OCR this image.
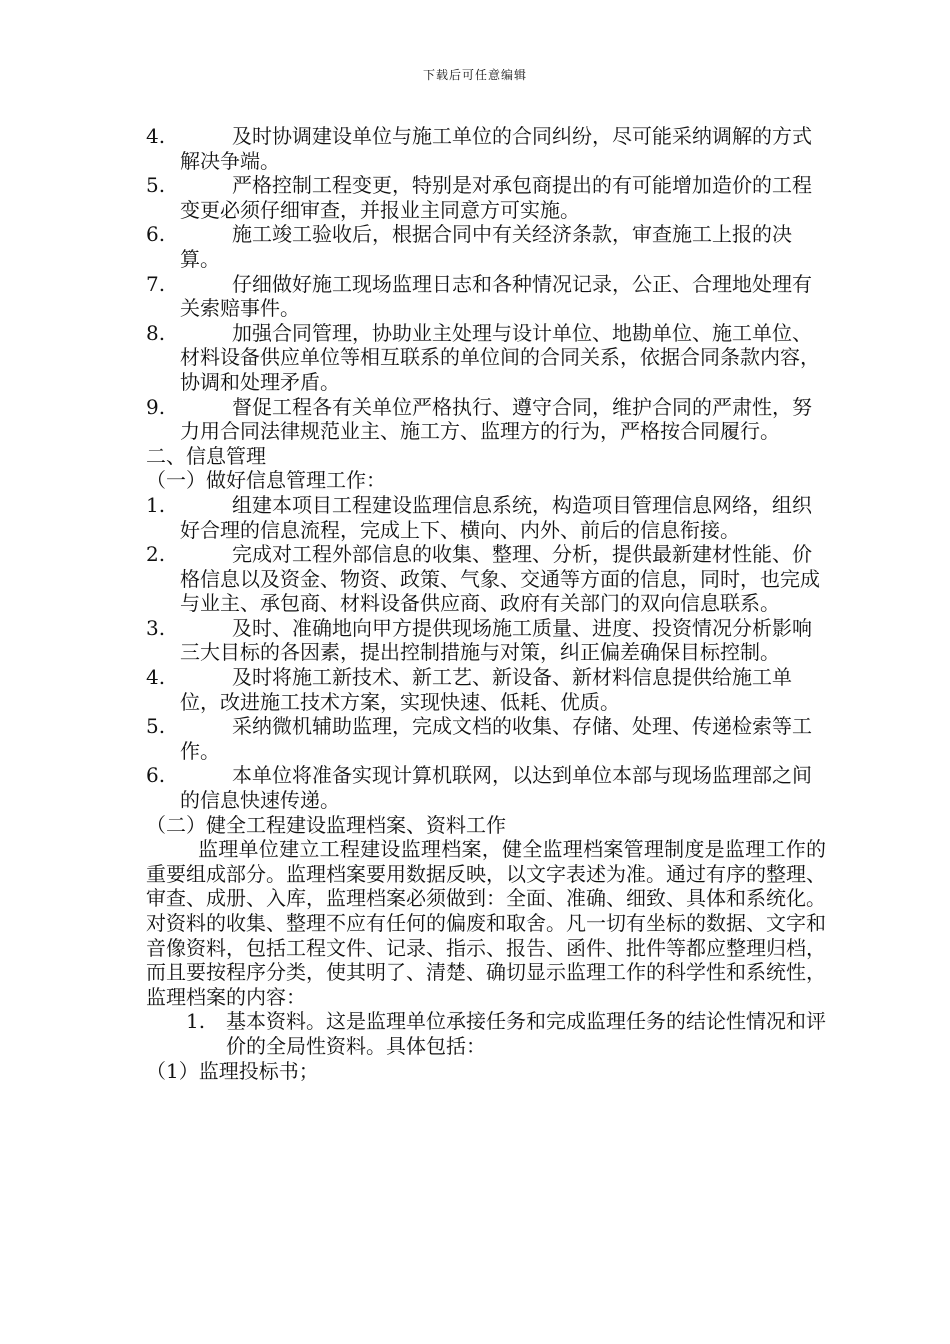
下载后可任意编辑
4.	及时协调建设单位与施工单位的合同纠纷，尽可能采纳调解的方式解决争端。
5.	严格控制工程变更，特别是对承包商提出的有可能增加造价的工程变更必须仔细审查，并报业主同意方可实施。
6.	施工竣工验收后，根据合同中有关经济条款，审查施工上报的决算。
7.	仔细做好施工现场监理日志和各种情况记录，公正、合理地处理有关索赔事件。
8.	加强合同管理，协助业主处理与设计单位、地勘单位、施工单位、材料设备供应单位等相互联系的单位间的合同关系，依据合同条款内容，协调和处理矛盾。
9.	督促工程各有关单位严格执行、遵守合同，维护合同的严肃性，努力用合同法律规范业主、施工方、监理方的行为，严格按合同履行。
二、信息管理
（一）做好信息管理工作：
1.	组建本项目工程建设监理信息系统，构造项目管理信息网络，组织好合理的信息流程，完成上下、横向、内外、前后的信息衔接。
2.	完成对工程外部信息的收集、整理、分析，提供最新建材性能、价格信息以及资金、物资、政策、气象、交通等方面的信息，同时，也完成与业主、承包商、材料设备供应商、政府有关部门的双向信息联系。
3.	及时、准确地向甲方提供现场施工质量、进度、投资情况分析影响三大目标的各因素，提出控制措施与对策，纠正偏差确保目标控制。
4.	及时将施工新技术、新工艺、新设备、新材料信息提供给施工单位，改进施工技术方案，实现快速、低耗、优质。
5.	采纳微机辅助监理，完成文档的收集、存储、处理、传递检索等工作。
6.	本单位将准备实现计算机联网，以达到单位本部与现场监理部之间的信息快速传递。
（二）健全工程建设监理档案、资料工作

监理单位建立工程建设监理档案，健全监理档案管理制度是监理工作的重要组成部分。监理档案要用数据反映，以文字表述为准。通过有序的整理、审查、成册、入库，监理档案必须做到：全面、准确、细致、具体和系统化。对资料的收集、整理不应有任何的偏废和取舍。凡一切有坐标的数据、文字和音像资料，包括工程文件、记录、指示、报告、函件、批件等都应整理归档，而且要按程序分类，使其明了、清楚、确切显示监理工作的科学性和系统性，监理档案的内容：

1.	基本资料。这是监理单位承接任务和完成监理任务的结论性情况和评价的全局性资料。具体包括：
（1）监理投标书；
